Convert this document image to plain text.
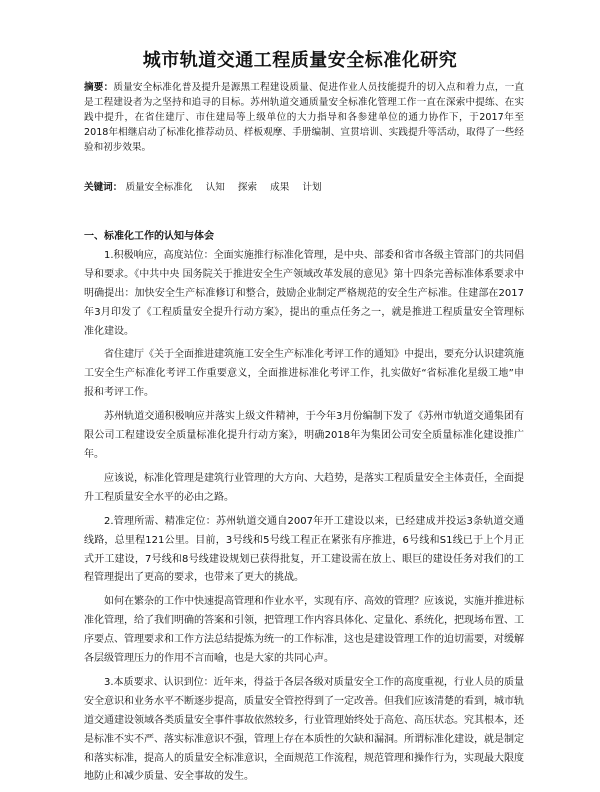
城市轨道交通工程质量安全标准化研究
摘要：质量安全标准化普及提升是源黑工程建设质量、促进作业人员技能提升的切入点和着力点，一直是工程建设者为之坚持和追寻的目标。苏州轨道交通质量安全标准化管理工作一直在深索中提练、在实践中提升，在省住建厅、市住建局等上级单位的大力指导和各参建单位的通力协作下，于2017年至2018年相继启动了标准化推荐动员、样板观摩、手册编制、宣贯培训、实践提升等活动，取得了一些经验和初步效果。
关键词： 质量安全标准化 认知 探索 成果 计划

一、标准化工作的认知与体会

1.积极响应，高度站位：全面实施推行标准化管理，是中央、部委和省市各级主管部门的共同倡导和要求。《中共中央 国务院关于推进安全生产领域改革发展的意见》第十四条完善标准体系要求中明确提出：加快安全生产标准修订和整合，鼓励企业制定严格规范的安全生产标准。住建部在2017年3月印发了《工程质量安全提升行动方案》，提出的重点任务之一，就是推进工程质量安全管理标准化建设。

省住建厅《关于全面推进建筑施工安全生产标准化考评工作的通知》中提出，要充分认识建筑施工安全生产标准化考评工作重要意义，全面推进标准化考评工作，扎实做好“省标准化星级工地”申报和考评工作。

苏州轨道交通积极响应并落实上级文件精神，于今年3月份编制下发了《苏州市轨道交通集团有限公司工程建设安全质量标准化提升行动方案》，明确2018年为集团公司安全质量标准化建设推广年。

应该说，标准化管理是建筑行业管理的大方向、大趋势，是落实工程质量安全主体责任，全面提升工程质量安全水平的必由之路。

2.管理所需、精准定位：苏州轨道交通自2007年开工建设以来，已经建成并投运3条轨道交通线路，总里程121公里。目前，3号线和5号线工程正在紧张有序推进，6号线和S1线已于上个月正式开工建设，7号线和8号线建设规划已获得批复，开工建设需在放上、眼巨的建设任务对我们的工程管理提出了更高的要求，也带来了更大的挑战。

如何在繁杂的工作中快速提高管理和作业水平，实现有序、高效的管理？应该说，实施并推进标准化管理，给了我们明确的答案和引领，把管理工作内容具体化、定量化、系统化，把现场布置、工序要点、管理要求和工作方法总结提炼为统一的工作标准，这也是建设管理工作的迫切需要，对缓解各层级管理压力的作用不言而喻，也是大家的共同心声。

3.本质要求、认识到位：近年来，得益于各层各级对质量安全工作的高度重视，行业人员的质量安全意识和业务水平不断逐步提高，质量安全管控得到了一定改善。但我们应该清楚的看到，城市轨道交通建设领域各类质量安全事件事故依然较多，行业管理始终处于高危、高压状态。究其根本，还是标准不实不严、落实标准意识不强，管理上存在本质性的欠缺和漏洞。所谓标准化建设，就是制定和落实标准，提高人的质量安全标准意识，全面规范工作流程，规范管理和操作行为，实现最大限度地防止和减少质量、安全事故的发生。
